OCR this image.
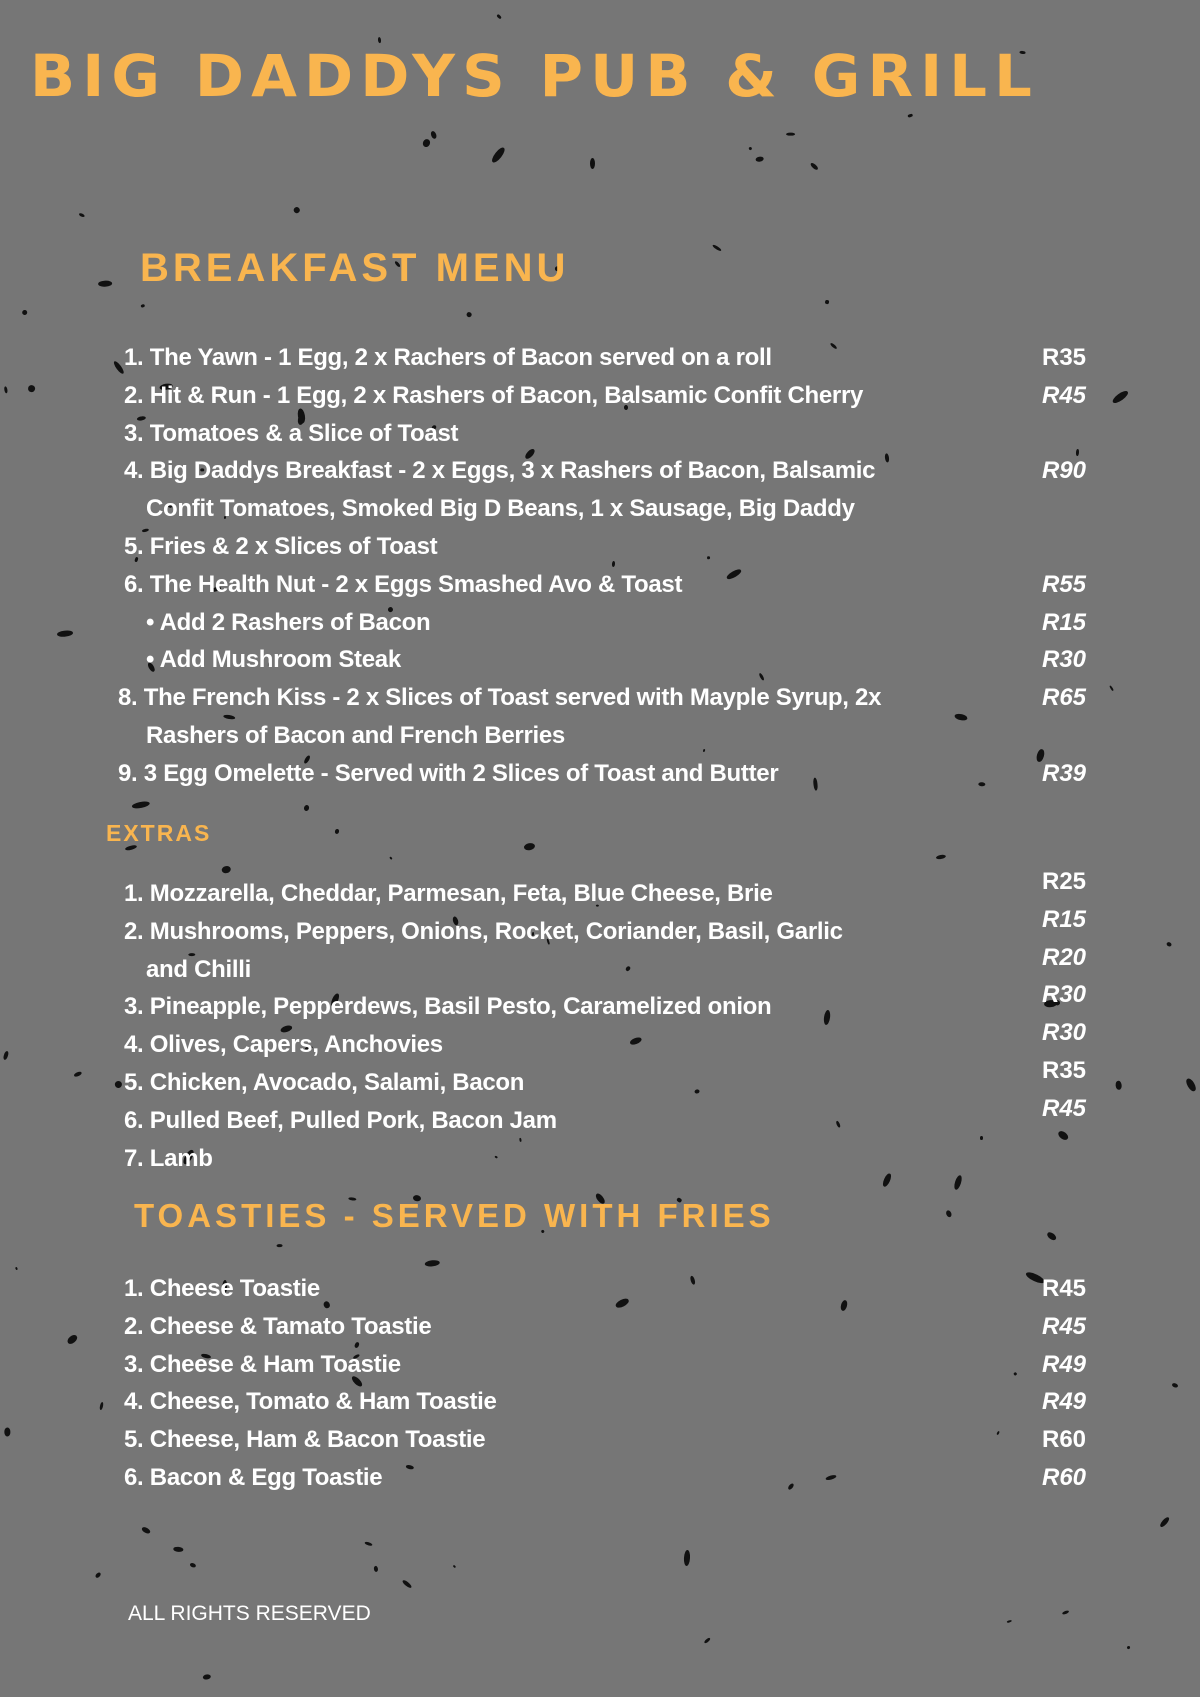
BIG DADDYS PUB & GRILL
BREAKFAST MENU
1. The Yawn - 1 Egg, 2 x Rachers of Bacon served on a roll
2. Hit & Run - 1 Egg, 2 x Rashers of Bacon, Balsamic Confit Cherry
3. Tomatoes & a Slice of Toast
4. Big Daddys Breakfast - 2 x Eggs, 3 x Rashers of Bacon, Balsamic
Confit Tomatoes, Smoked Big D Beans, 1 x Sausage, Big Daddy
5. Fries & 2 x Slices of Toast
6. The Health Nut - 2 x Eggs Smashed Avo & Toast
• Add 2 Rashers of Bacon
• Add Mushroom Steak
8. The French Kiss - 2 x Slices of Toast served with Mayple Syrup, 2x
Rashers of Bacon and French Berries
9. 3 Egg Omelette - Served with 2 Slices of Toast and Butter
R35
R45
R90
R55
R15
R30
R65
R39
EXTRAS
1. Mozzarella, Cheddar, Parmesan, Feta, Blue Cheese, Brie
2. Mushrooms, Peppers, Onions, Rocket, Coriander, Basil, Garlic
and Chilli
3. Pineapple, Pepperdews, Basil Pesto, Caramelized onion
4. Olives, Capers, Anchovies
5. Chicken, Avocado, Salami, Bacon
6. Pulled Beef, Pulled Pork, Bacon Jam
7. Lamb
R25
R15
R20
R30
R30
R35
R45
TOASTIES - SERVED WITH FRIES
1. Cheese Toastie
2. Cheese & Tamato Toastie
3. Cheese & Ham Toastie
4. Cheese, Tomato & Ham Toastie
5. Cheese, Ham & Bacon Toastie
6. Bacon & Egg Toastie
R45
R45
R49
R49
R60
R60
ALL RIGHTS RESERVED
